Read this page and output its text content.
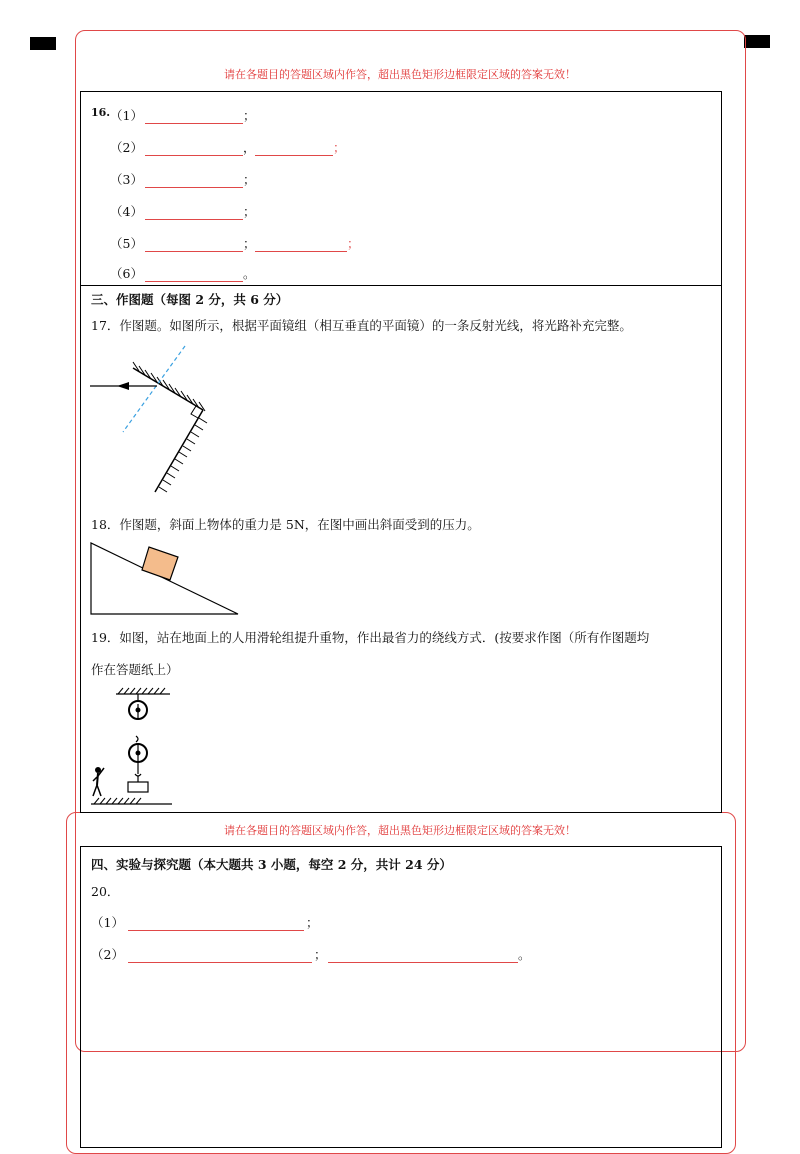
请在各题目的答题区域内作答，超出黑色矩形边框限定区域的答案无效！
请在各题目的答题区域内作答，超出黑色矩形边框限定区域的答案无效！
16. （1）	；
（2）	，	；
（3）	；
（4）	；
（5）	；	；
（6）	。
三、作图题（每图 2 分，共 6 分）
17．作图题。如图所示，根据平面镜组（相互垂直的平面镜）的一条反射光线，将光路补充完整。
18．作图题，斜面上物体的重力是 5N，在图中画出斜面受到的压力。
19．如图，站在地面上的人用滑轮组提升重物，作出最省力的绕线方式．(按要求作图（所有作图题均
作在答题纸上）
四、实验与探究题（本大题共 3 小题，每空 2 分，共计 24 分）
20．
（1）	；
（2）	；	。
